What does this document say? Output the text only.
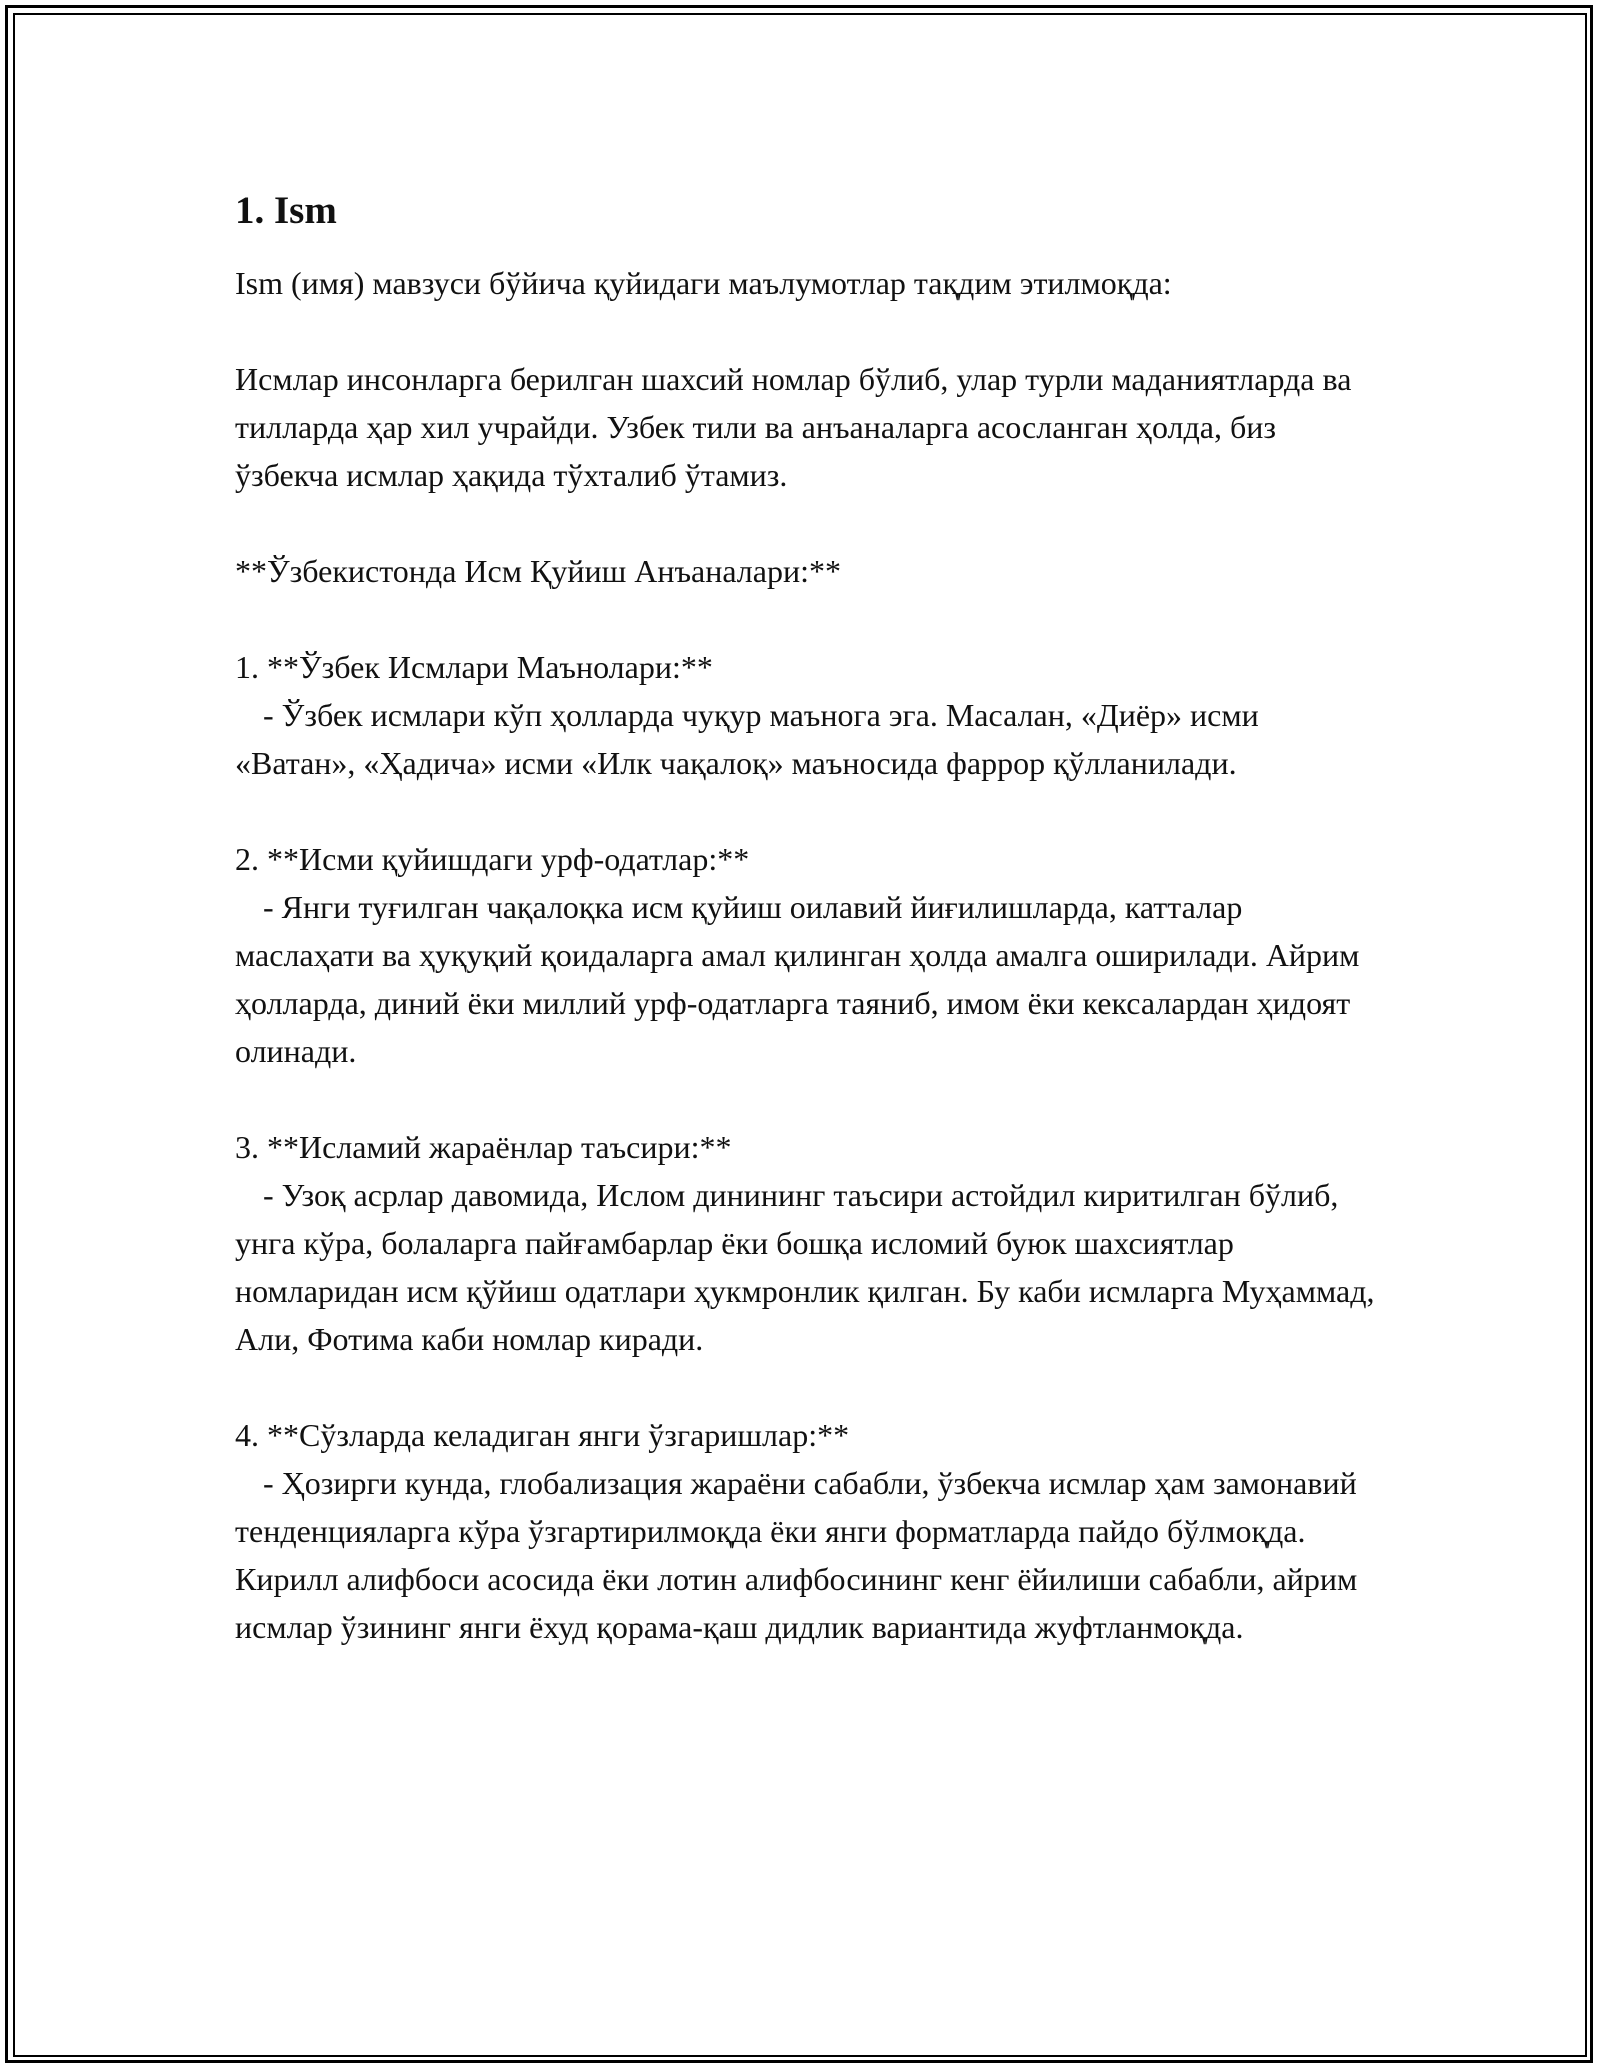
1. Ism

Ism (имя) мавзуси бўйича қуйидаги маълумотлар тақдим этилмоқда:

Исмлар инсонларга берилган шахсий номлар бўлиб, улар турли маданиятларда ва тилларда ҳар хил учрайди. Узбек тили ва анъаналарга асосланган ҳолда, биз ўзбекча исмлар ҳақида тўхталиб ўтамиз.

**Ўзбекистонда Исм Қуйиш Анъаналари:**

1. **Ўзбек Исмлари Маънолари:**

- Ўзбек исмлари кўп ҳолларда чуқур маънога эга. Масалан, «Диёр» исми «Ватан», «Ҳадича» исми «Илк чақалоқ» маъносида фаррор қўлланилади.

2. **Исми қуйишдаги урф-одатлар:**

- Янги туғилган чақалоқка исм қуйиш оилавий йиғилишларда, катталар маслаҳати ва ҳуқуқий қоидаларга амал қилинган ҳолда амалга оширилади. Айрим ҳолларда, диний ёки миллий урф-одатларга таяниб, имом ёки кексалардан ҳидоят олинади.

3. **Исламий жараёнлар таъсири:**

- Узоқ асрлар давомида, Ислом динининг таъсири астойдил киритилган бўлиб, унга кўра, болаларга пайғамбарлар ёки бошқа исломий буюк шахсиятлар номларидан исм қўйиш одатлари ҳукмронлик қилган. Бу каби исмларга Муҳаммад, Али, Фотима каби номлар киради.

4. **Сўзларда келадиган янги ўзгаришлар:**

- Ҳозирги кунда, глобализация жараёни сабабли, ўзбекча исмлар ҳам замонавий тенденцияларга кўра ўзгартирилмоқда ёки янги форматларда пайдо бўлмоқда. Кирилл алифбоси асосида ёки лотин алифбосининг кенг ёйилиши сабабли, айрим исмлар ўзининг янги ёхуд қорама-қаш дидлик вариантида жуфтланмоқда.
